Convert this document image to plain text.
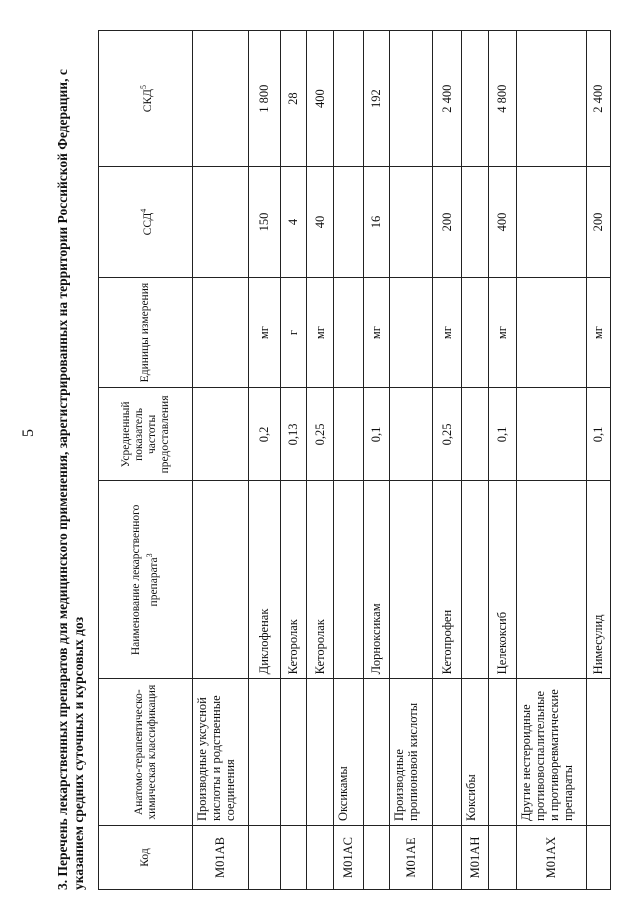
5 3. Перечень лекарственных препаратов для медицинского применения, зарегистрированных на территории Российской Федерации, с указанием средних суточных и курсовых доз	Код	Анатомо-терапевтическо-химическая классификация	Наименование лекарственного препарата$^3$	Усредненный показатель частоты предоставления	Единицы измерения	ССД$^4$	СКД$^5$
M01AB	Производные уксусной кислоты и родственные соединения					
		Диклофенак	0,2	мг	150	1 800
		Кеторолак	0,13	г	4	28
		Кеторолак	0,25	мг	40	400
M01AC	Оксикамы					
		Лорноксикам	0,1	мг	16	192
M01AE	Производные пропионовой кислоты					
		Кетопрофен	0,25	мг	200	2 400
M01AH	Коксибы					
		Целекоксиб	0,1	мг	400	4 800
M01AX	Другие нестероидные противовоспалительные и противоревматические препараты					
		Нимесулид	0,1	мг	200	2 400
